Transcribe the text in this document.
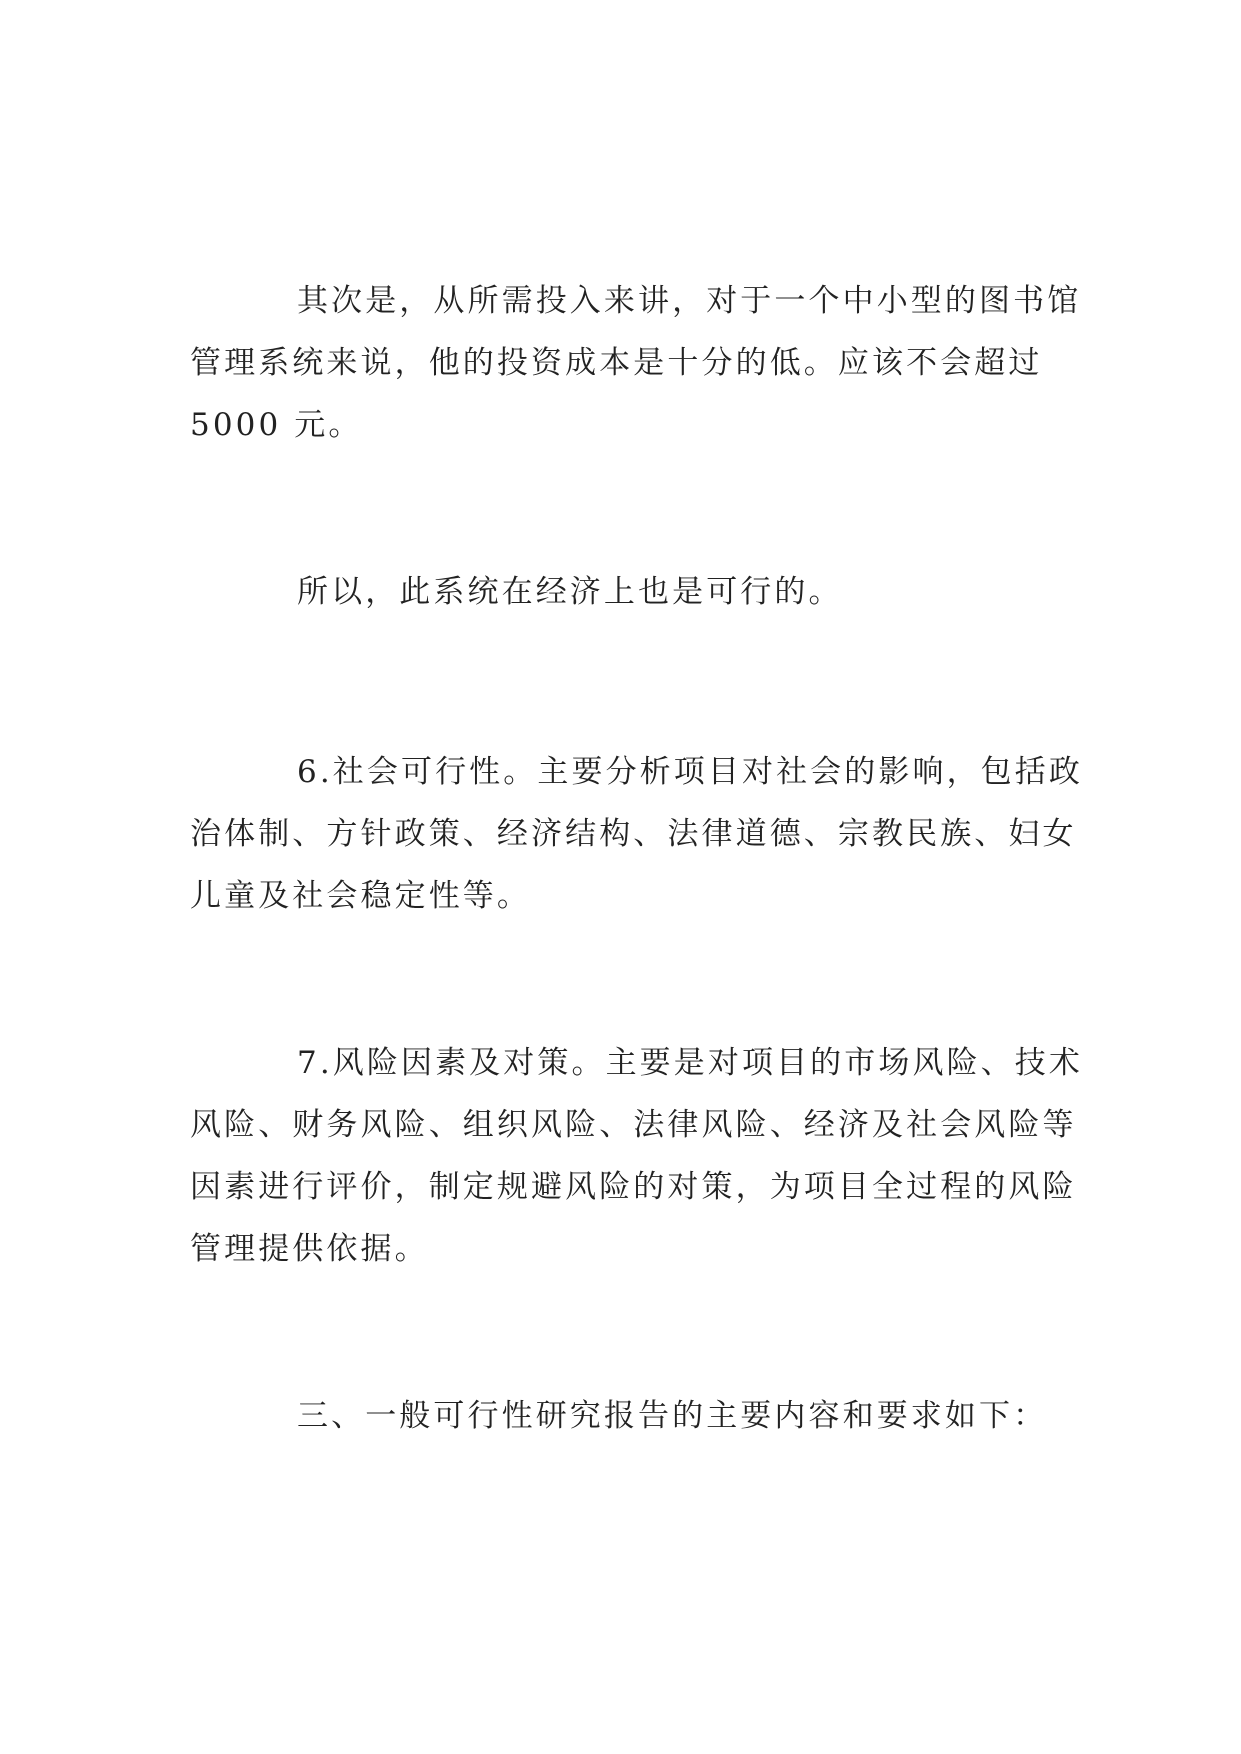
其次是，从所需投入来讲，对于一个中小型的图书馆
管理系统来说，他的投资成本是十分的低。应该不会超过
5000 元。
所以，此系统在经济上也是可行的。
6.社会可行性。主要分析项目对社会的影响，包括政
治体制、方针政策、经济结构、法律道德、宗教民族、妇女
儿童及社会稳定性等。
7.风险因素及对策。主要是对项目的市场风险、技术
风险、财务风险、组织风险、法律风险、经济及社会风险等
因素进行评价，制定规避风险的对策，为项目全过程的风险
管理提供依据。
三、一般可行性研究报告的主要内容和要求如下：
